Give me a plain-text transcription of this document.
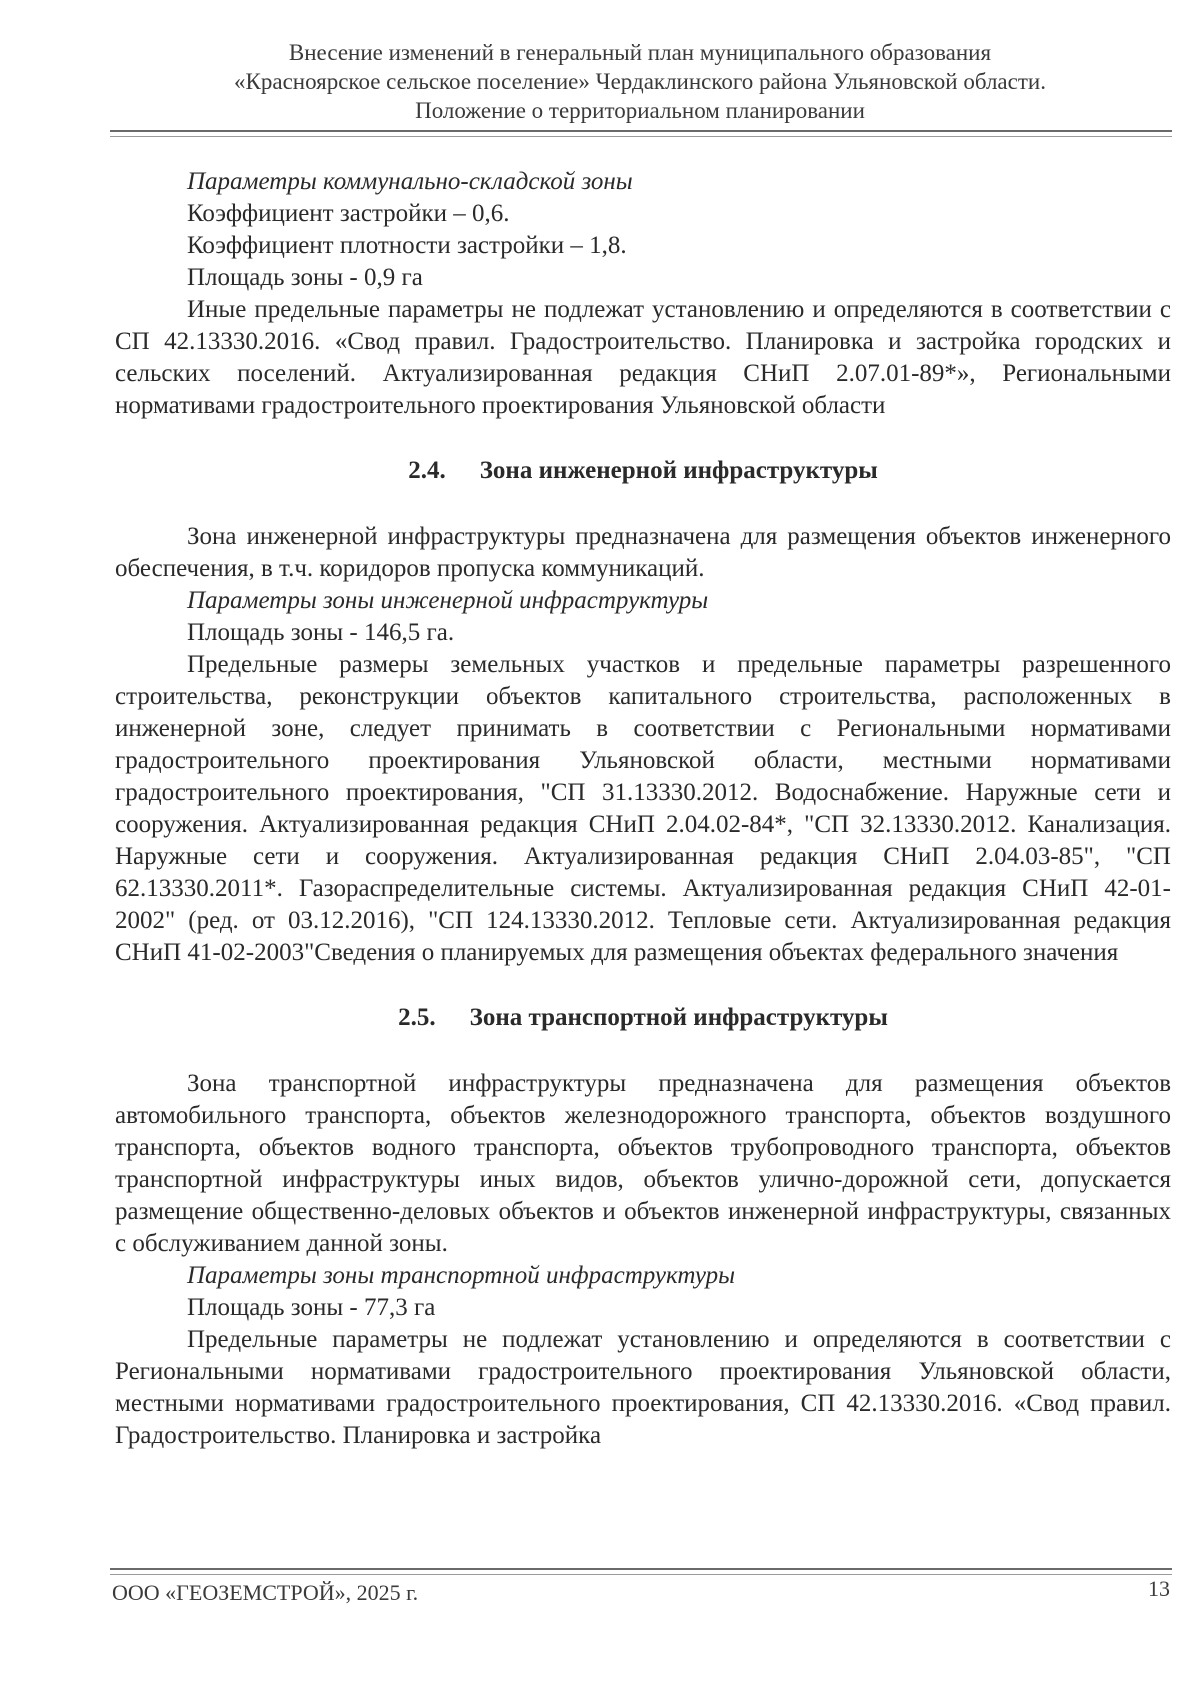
Внесение изменений в генеральный план муниципального образования
«Красноярское сельское поселение» Чердаклинского района Ульяновской области.
Положение о территориальном планировании

Параметры коммунально-складской зоны

Коэффициент застройки – 0,6.

Коэффициент плотности застройки – 1,8.

Площадь зоны - 0,9 га

Иные предельные параметры не подлежат установлению и определяются в соответствии с СП 42.13330.2016. «Свод правил. Градостроительство. Планировка и застройка городских и сельских поселений. Актуализированная редакция СНиП 2.07.01-89*», Региональными нормативами градостроительного проектирования Ульяновской области

2.4. Зона инженерной инфраструктуры

Зона инженерной инфраструктуры предназначена для размещения объектов инженерного обеспечения, в т.ч. коридоров пропуска коммуникаций.

Параметры зоны инженерной инфраструктуры

Площадь зоны - 146,5 га.

Предельные размеры земельных участков и предельные параметры разрешенного строительства, реконструкции объектов капитального строительства, расположенных в инженерной зоне, следует принимать в соответствии с Региональными нормативами градостроительного проектирования Ульяновской области, местными нормативами градостроительного проектирования, "СП 31.13330.2012. Водоснабжение. Наружные сети и сооружения. Актуализированная редакция СНиП 2.04.02-84*, "СП 32.13330.2012. Канализация. Наружные сети и сооружения. Актуализированная редакция СНиП 2.04.03-85", "СП 62.13330.2011*. Газораспределительные системы. Актуализированная редакция СНиП 42-01-2002" (ред. от 03.12.2016), "СП 124.13330.2012. Тепловые сети. Актуализированная редакция СНиП 41-02-2003"Сведения о планируемых для размещения объектах федерального значения

2.5. Зона транспортной инфраструктуры

Зона транспортной инфраструктуры предназначена для размещения объектов автомобильного транспорта, объектов железнодорожного транспорта, объектов воздушного транспорта, объектов водного транспорта, объектов трубопроводного транспорта, объектов транспортной инфраструктуры иных видов, объектов улично-дорожной сети, допускается размещение общественно-деловых объектов и объектов инженерной инфраструктуры, связанных с обслуживанием данной зоны.

Параметры зоны транспортной инфраструктуры

Площадь зоны - 77,3 га

Предельные параметры не подлежат установлению и определяются в соответствии с Региональными нормативами градостроительного проектирования Ульяновской области, местными нормативами градостроительного проектирования, СП 42.13330.2016. «Свод правил. Градостроительство. Планировка и застройка

ООО «ГЕОЗЕМСТРОЙ», 2025 г.	13
